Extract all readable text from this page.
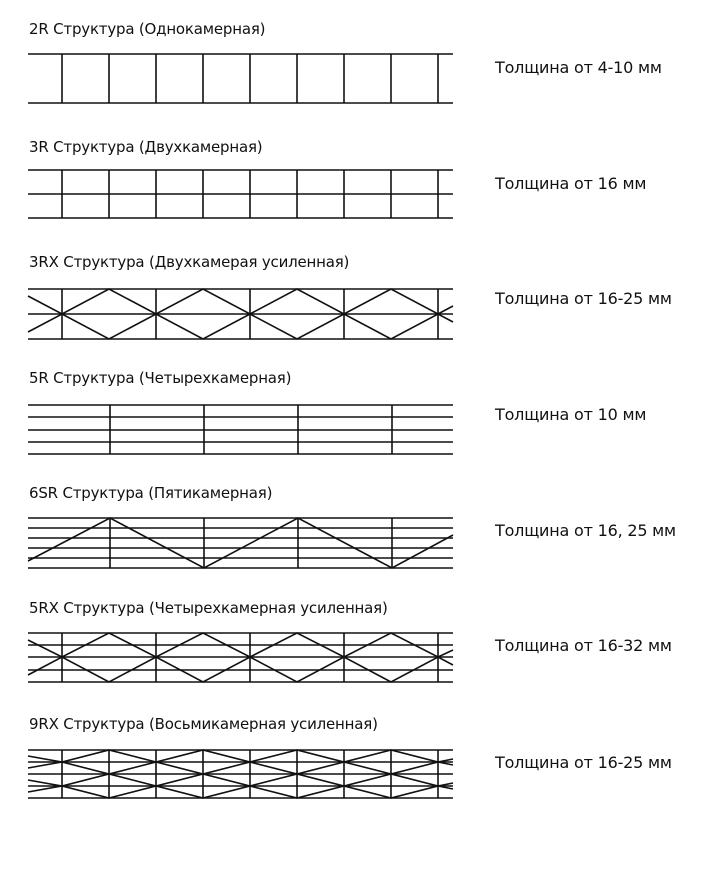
2R Структура (Однокамерная)
Толщина от 4-10 мм
3R Структура (Двухкамерная)
Толщина от 16 мм
3RX Структура (Двухкамерая усиленная)
Толщина от 16-25 мм
5R Структура (Четырехкамерная)
Толщина от 10 мм
6SR Структура (Пятикамерная)
Толщина от 16, 25 мм
5RX Структура (Четырехкамерная усиленная)
Толщина от 16-32 мм
9RX Структура (Восьмикамерная усиленная)
Толщина от 16-25 мм
